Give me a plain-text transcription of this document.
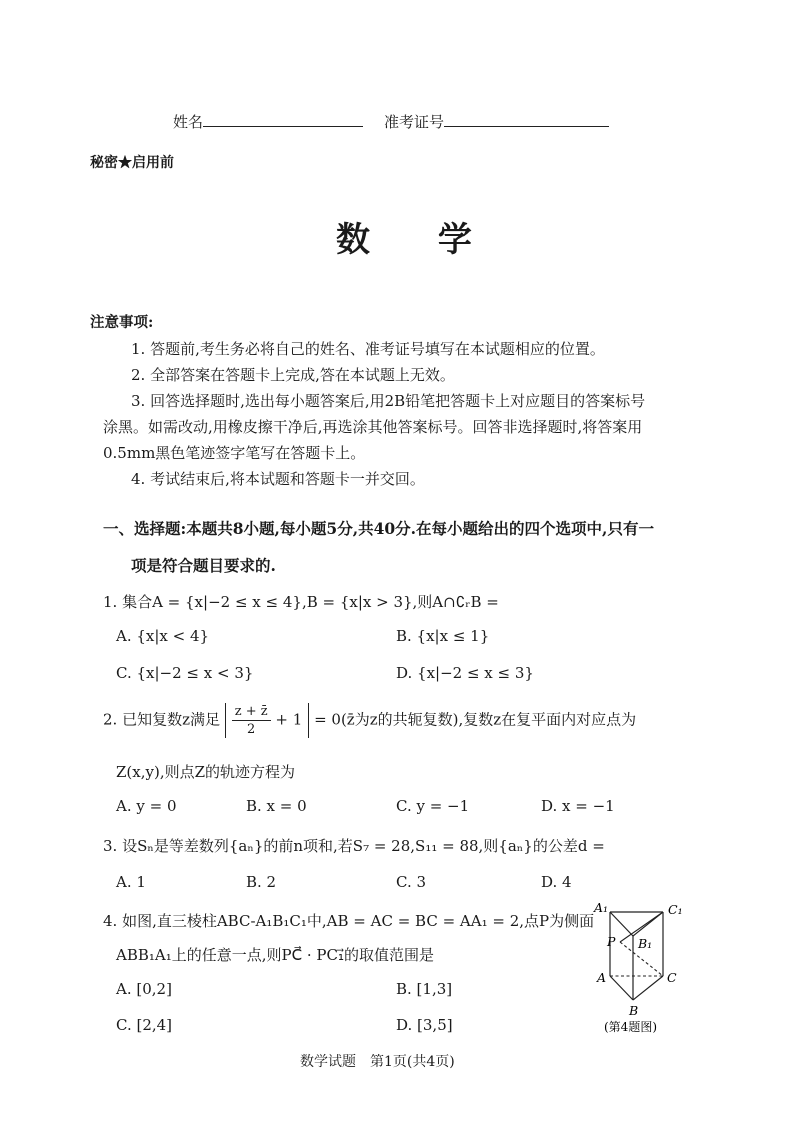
姓名	准考证号
秘密★启用前
数 学
注意事项:
1. 答题前,考生务必将自己的姓名、准考证号填写在本试题相应的位置。
2. 全部答案在答题卡上完成,答在本试题上无效。
3. 回答选择题时,选出每小题答案后,用2B铅笔把答题卡上对应题目的答案标号
涂黑。如需改动,用橡皮擦干净后,再选涂其他答案标号。回答非选择题时,将答案用
0.5mm黑色笔迹签字笔写在答题卡上。
4. 考试结束后,将本试题和答题卡一并交回。
一、选择题:本题共8小题,每小题5分,共40分.在每小题给出的四个选项中,只有一
项是符合题目要求的.
1. 集合A = {x|−2 ≤ x ≤ 4},B = {x|x > 3},则A∩∁ᵣB =
A. {x|x < 4}	B. {x|x ≤ 1}
C. {x|−2 ≤ x < 3}	D. {x|−2 ≤ x ≤ 3}
2. 已知复数z满足 $\frac{z + z̄}{2} + 1$ = 0(z̄为z的共轭复数),复数z在复平面内对应点为
Z(x,y),则点Z的轨迹方程为
A. y = 0	B. x = 0	C. y = −1	D. x = −1
3. 设Sₙ是等差数列{aₙ}的前n项和,若S₇ = 28,S₁₁ = 88,则{aₙ}的公差d =
A. 1	B. 2	C. 3	D. 4
4. 如图,直三棱柱ABC-A₁B₁C₁中,AB = AC = BC = AA₁ = 2,点P为侧面
ABB₁A₁上的任意一点,则PC⃗ · PC₁⃗的取值范围是
A. [0,2]	B. [1,3]
C. [2,4]	D. [3,5]
A₁	C₁
P B₁
A	C
B
(第4题图)
数学试题　第1页(共4页)
